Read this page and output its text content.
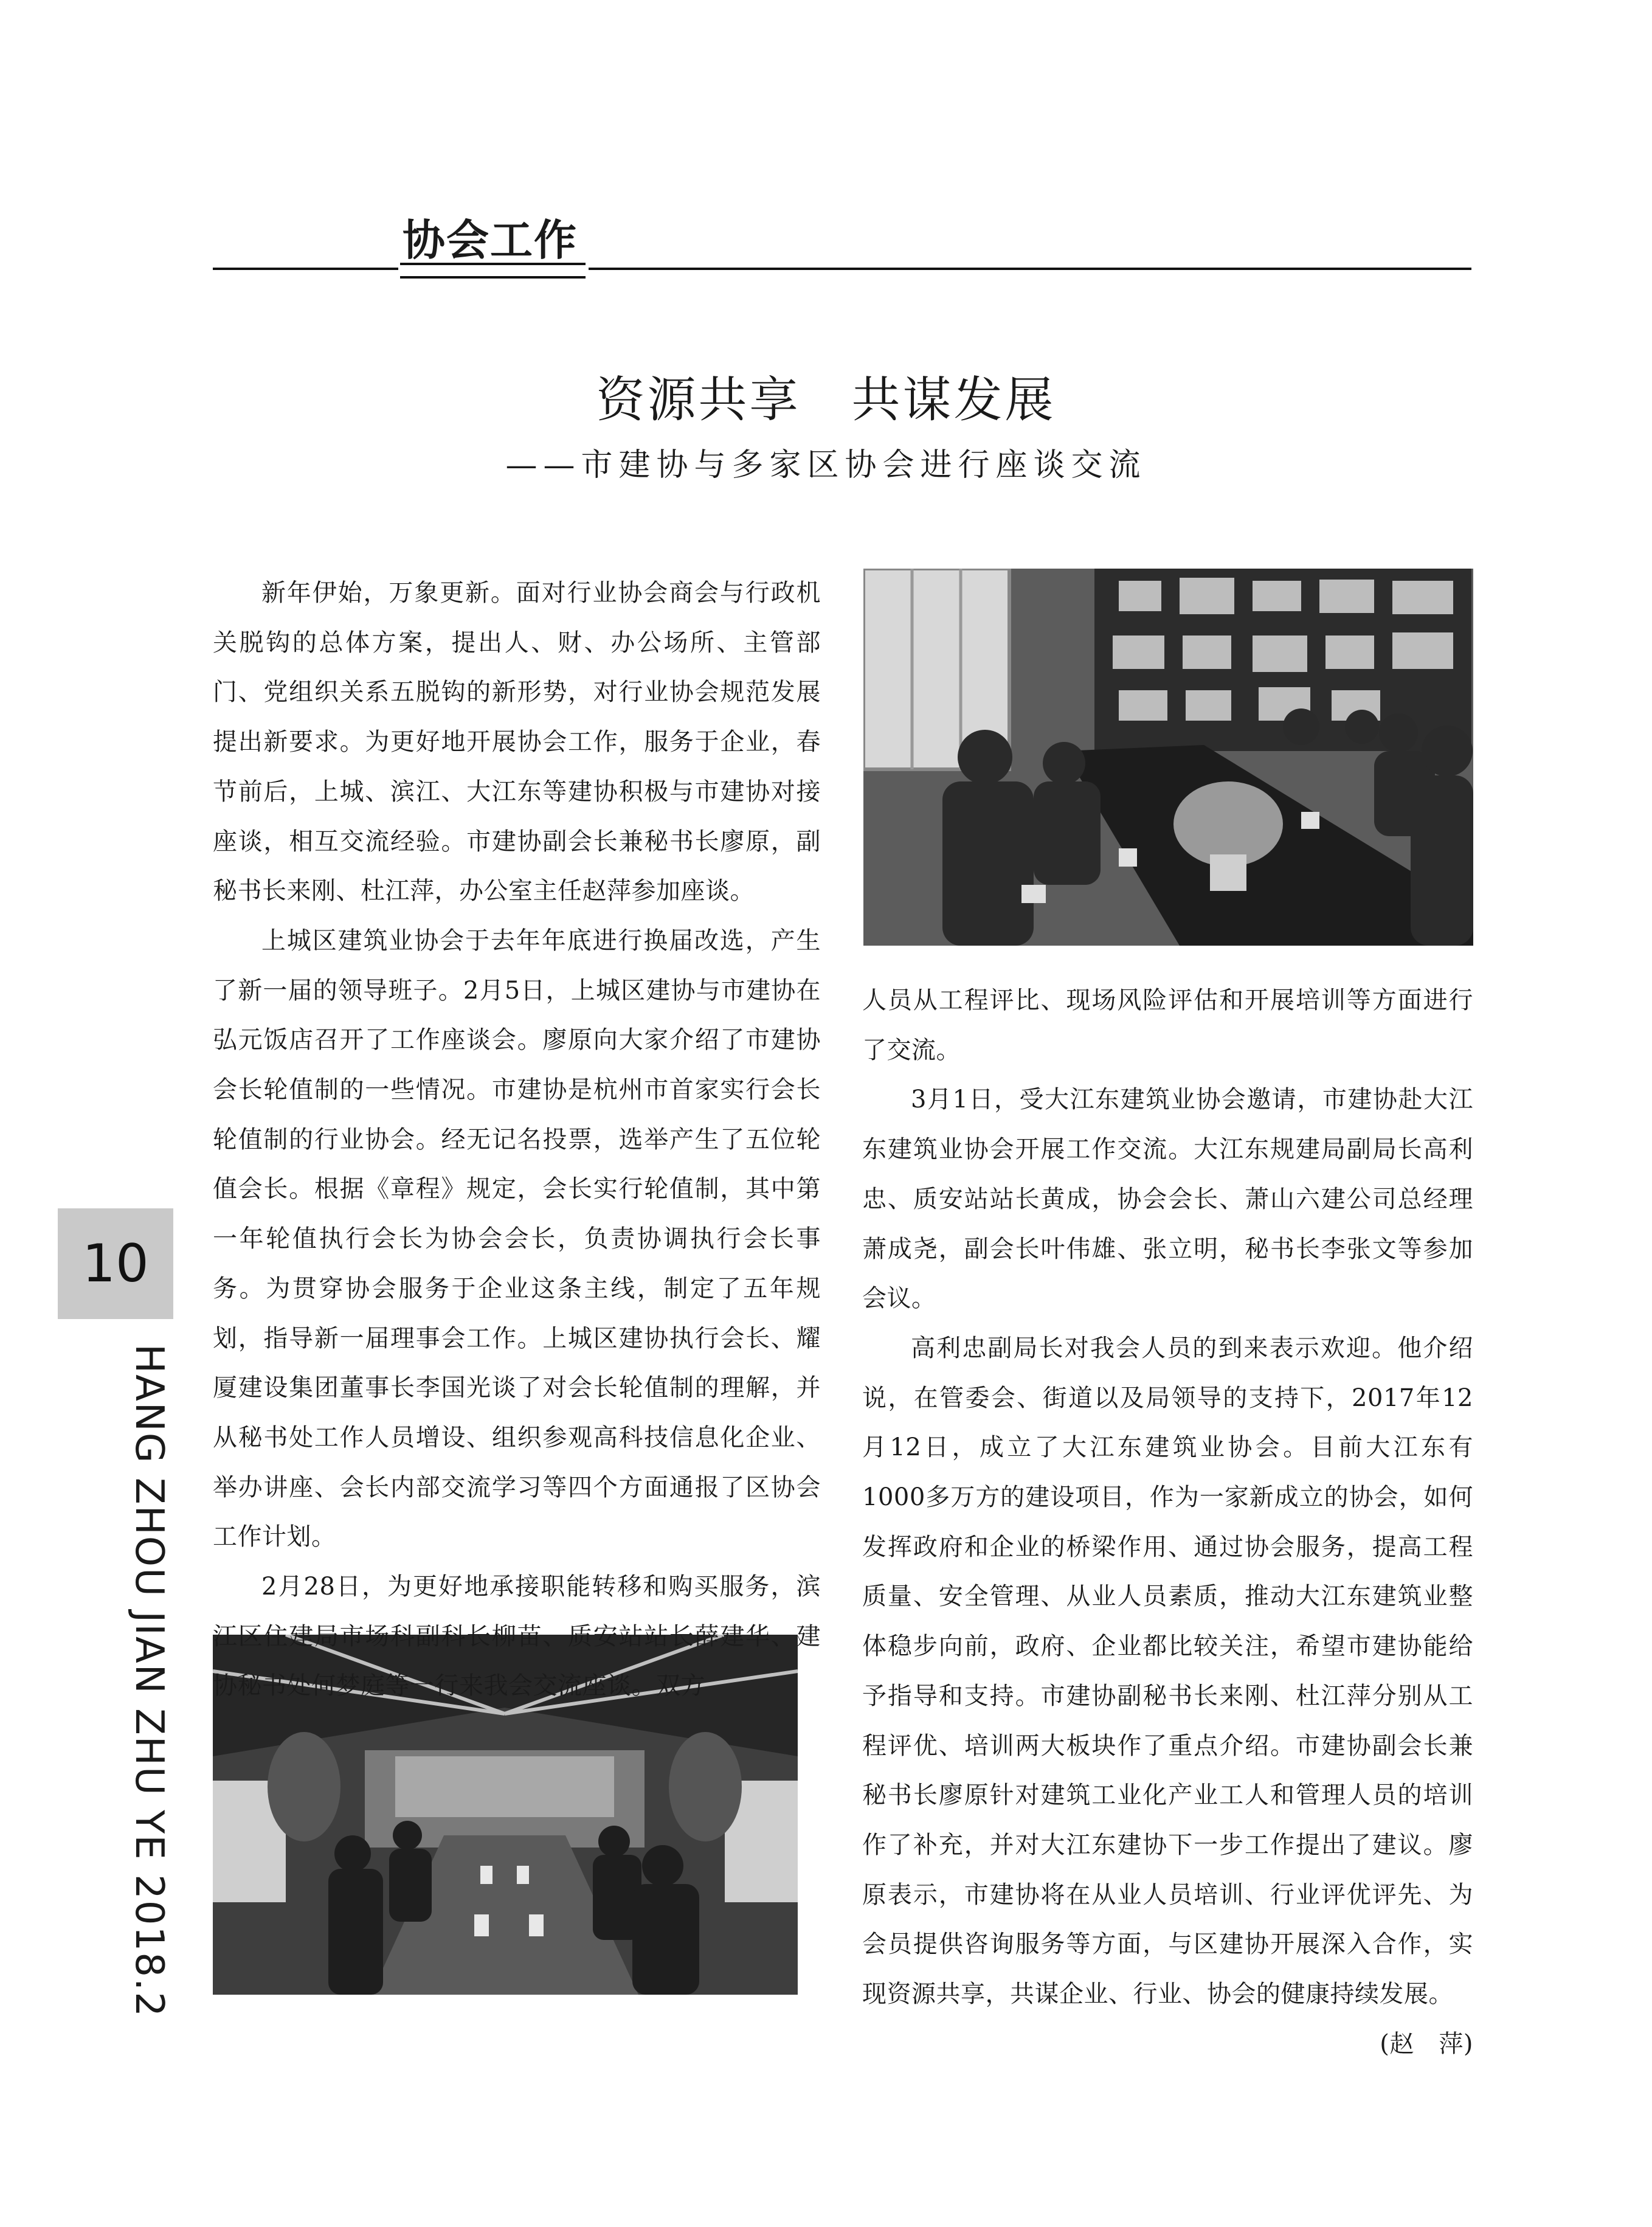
协会工作
资源共享　共谋发展
——市建协与多家区协会进行座谈交流

新年伊始，万象更新。面对行业协会商会与行政机关脱钩的总体方案，提出人、财、办公场所、主管部门、党组织关系五脱钩的新形势，对行业协会规范发展提出新要求。为更好地开展协会工作，服务于企业，春节前后，上城、滨江、大江东等建协积极与市建协对接座谈，相互交流经验。市建协副会长兼秘书长廖原，副秘书长来刚、杜江萍，办公室主任赵萍参加座谈。

上城区建筑业协会于去年年底进行换届改选，产生了新一届的领导班子。2月5日，上城区建协与市建协在弘元饭店召开了工作座谈会。廖原向大家介绍了市建协会长轮值制的一些情况。市建协是杭州市首家实行会长轮值制的行业协会。经无记名投票，选举产生了五位轮值会长。根据《章程》规定，会长实行轮值制，其中第一年轮值执行会长为协会会长，负责协调执行会长事务。为贯穿协会服务于企业这条主线，制定了五年规划，指导新一届理事会工作。上城区建协执行会长、耀厦建设集团董事长李国光谈了对会长轮值制的理解，并从秘书处工作人员增设、组织参观高科技信息化企业、举办讲座、会长内部交流学习等四个方面通报了区协会工作计划。

2月28日，为更好地承接职能转移和购买服务，滨江区住建局市场科副科长柳苗、质安站站长薛建华、建协秘书处何梦庭等一行来我会交流座谈。双方

人员从工程评比、现场风险评估和开展培训等方面进行了交流。

3月1日，受大江东建筑业协会邀请，市建协赴大江东建筑业协会开展工作交流。大江东规建局副局长高利忠、质安站站长黄成，协会会长、萧山六建公司总经理萧成尧，副会长叶伟雄、张立明，秘书长李张文等参加会议。

高利忠副局长对我会人员的到来表示欢迎。他介绍说，在管委会、街道以及局领导的支持下，2017年12月12日，成立了大江东建筑业协会。目前大江东有1000多万方的建设项目，作为一家新成立的协会，如何发挥政府和企业的桥梁作用、通过协会服务，提高工程质量、安全管理、从业人员素质，推动大江东建筑业整体稳步向前，政府、企业都比较关注，希望市建协能给予指导和支持。市建协副秘书长来刚、杜江萍分别从工程评优、培训两大板块作了重点介绍。市建协副会长兼秘书长廖原针对建筑工业化产业工人和管理人员的培训作了补充，并对大江东建协下一步工作提出了建议。廖原表示，市建协将在从业人员培训、行业评优评先、为会员提供咨询服务等方面，与区建协开展深入合作，实现资源共享，共谋企业、行业、协会的健康持续发展。
(赵　萍)

10
HANG ZHOU JIAN ZHU YE 2018.2
